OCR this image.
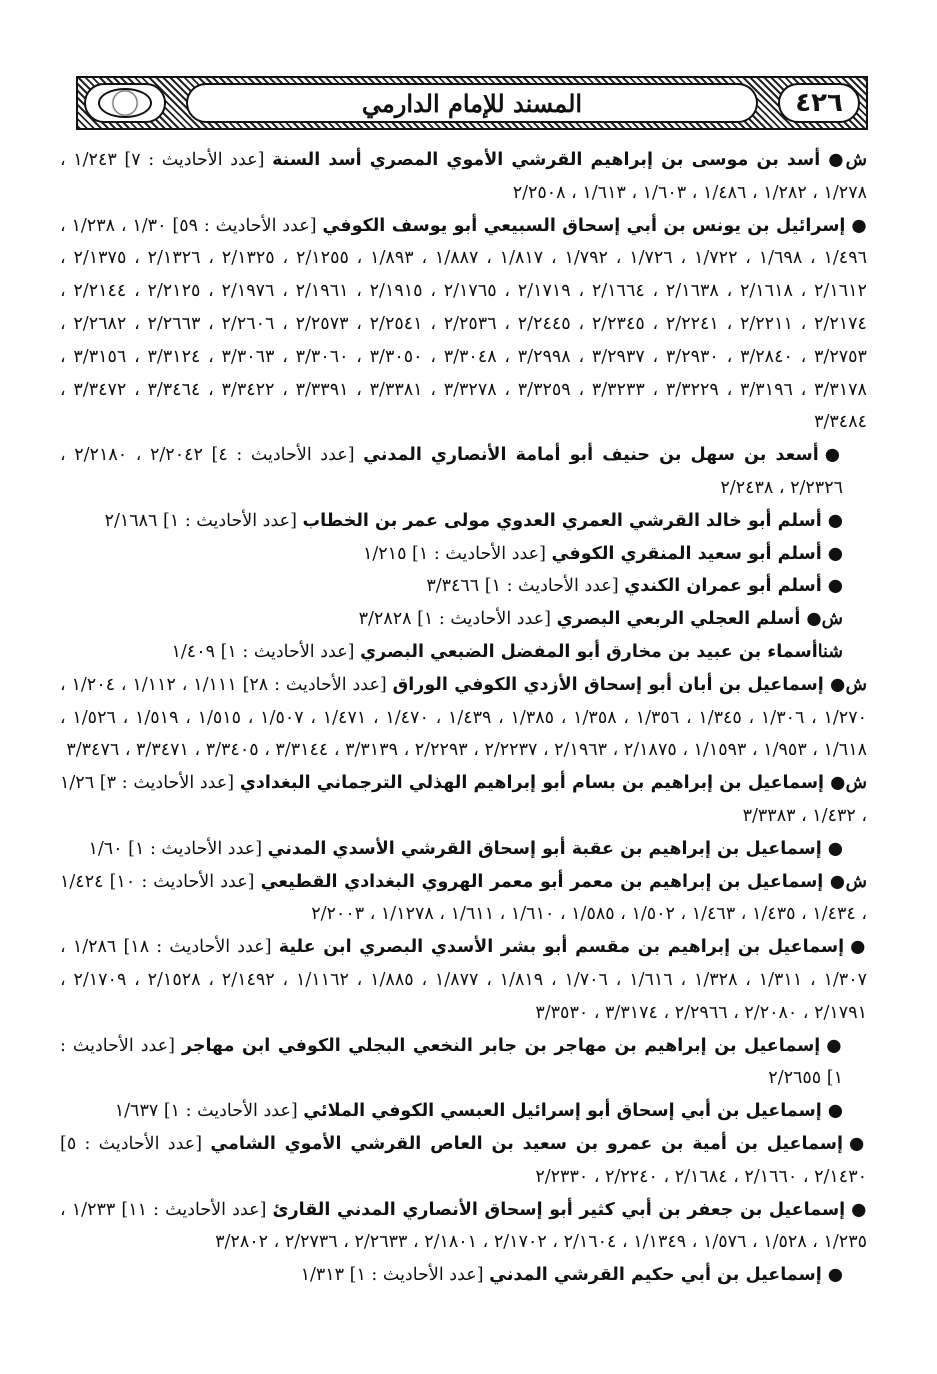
٤٢٦
المسند للإمام الدارمي
ش●أسد بن موسى بن إبراهيم القرشي الأموي المصري أسد السنة [عدد الأحاديث : ٧] ١/٢٤٣ ، ١/٢٧٨ ، ١/٢٨٢ ، ١/٤٨٦ ، ١/٦٠٣ ، ١/٦١٣ ، ٢/٢٥٠٨
●إسرائيل بن يونس بن أبي إسحاق السبيعي أبو يوسف الكوفي [عدد الأحاديث : ٥٩] ١/٣٠ ، ١/٢٣٨ ، ١/٤٩٦ ، ١/٦٩٨ ، ١/٧٢٢ ، ١/٧٢٦ ، ١/٧٩٢ ، ١/٨١٧ ، ١/٨٨٧ ، ١/٨٩٣ ، ٢/١٢٥٥ ، ٢/١٣٢٥ ، ٢/١٣٢٦ ، ٢/١٣٧٥ ، ٢/١٦١٢ ، ٢/١٦١٨ ، ٢/١٦٣٨ ، ٢/١٦٦٤ ، ٢/١٧١٩ ، ٢/١٧٦٥ ، ٢/١٩١٥ ، ٢/١٩٦١ ، ٢/١٩٧٦ ، ٢/٢١٢٥ ، ٢/٢١٤٤ ، ٢/٢١٧٤ ، ٢/٢٢١١ ، ٢/٢٢٤١ ، ٢/٢٣٤٥ ، ٢/٢٤٤٥ ، ٢/٢٥٣٦ ، ٢/٢٥٤١ ، ٢/٢٥٧٣ ، ٢/٢٦٠٦ ، ٢/٢٦٦٣ ، ٢/٢٦٨٢ ، ٣/٢٧٥٣ ، ٣/٢٨٤٠ ، ٣/٢٩٣٠ ، ٣/٢٩٣٧ ، ٣/٢٩٩٨ ، ٣/٣٠٤٨ ، ٣/٣٠٥٠ ، ٣/٣٠٦٠ ، ٣/٣٠٦٣ ، ٣/٣١٢٤ ، ٣/٣١٥٦ ، ٣/٣١٧٨ ، ٣/٣١٩٦ ، ٣/٣٢٢٩ ، ٣/٣٢٣٣ ، ٣/٣٢٥٩ ، ٣/٣٢٧٨ ، ٣/٣٣٨١ ، ٣/٣٣٩١ ، ٣/٣٤٢٢ ، ٣/٣٤٦٤ ، ٣/٣٤٧٢ ، ٣/٣٤٨٤
●أسعد بن سهل بن حنيف أبو أمامة الأنصاري المدني [عدد الأحاديث : ٤] ٢/٢٠٤٢ ، ٢/٢١٨٠ ، ٢/٢٣٢٦ ، ٢/٢٤٣٨
●أسلم أبو خالد القرشي العمري العدوي مولى عمر بن الخطاب [عدد الأحاديث : ١] ٢/١٦٨٦
●أسلم أبو سعيد المنقري الكوفي [عدد الأحاديث : ١] ١/٢١٥
●أسلم أبو عمران الكندي [عدد الأحاديث : ١] ٣/٣٤٦٦
ش●أسلم العجلي الربعي البصري [عدد الأحاديث : ١] ٣/٢٨٢٨
شناأسماء بن عبيد بن مخارق أبو المفضل الضبعي البصري [عدد الأحاديث : ١] ١/٤٠٩
ش●إسماعيل بن أبان أبو إسحاق الأزدي الكوفي الوراق [عدد الأحاديث : ٢٨] ١/١١١ ، ١/١١٢ ، ١/٢٠٤ ، ١/٢٧٠ ، ١/٣٠٦ ، ١/٣٤٥ ، ١/٣٥٦ ، ١/٣٥٨ ، ١/٣٨٥ ، ١/٤٣٩ ، ١/٤٧٠ ، ١/٤٧١ ، ١/٥٠٧ ، ١/٥١٥ ، ١/٥١٩ ، ١/٥٢٦ ، ١/٦١٨ ، ١/٩٥٣ ، ١/١٥٩٣ ، ٢/١٨٧٥ ، ٢/١٩٦٣ ، ٢/٢٢٣٧ ، ٢/٢٢٩٣ ، ٣/٣١٣٩ ، ٣/٣١٤٤ ، ٣/٣٤٠٥ ، ٣/٣٤٧١ ، ٣/٣٤٧٦
ش●إسماعيل بن إبراهيم بن بسام أبو إبراهيم الهذلي الترجماني البغدادي [عدد الأحاديث : ٣] ١/٢٦ ، ١/٤٣٢ ، ٣/٣٣٨٣
●إسماعيل بن إبراهيم بن عقبة أبو إسحاق القرشي الأسدي المدني [عدد الأحاديث : ١] ١/٦٠
ش●إسماعيل بن إبراهيم بن معمر أبو معمر الهروي البغدادي القطيعي [عدد الأحاديث : ١٠] ١/٤٢٤ ، ١/٤٣٤ ، ١/٤٣٥ ، ١/٤٦٣ ، ١/٥٠٢ ، ١/٥٨٥ ، ١/٦١٠ ، ١/٦١١ ، ١/١٢٧٨ ، ٢/٢٠٠٣
●إسماعيل بن إبراهيم بن مقسم أبو بشر الأسدي البصري ابن علية [عدد الأحاديث : ١٨] ١/٢٨٦ ، ١/٣٠٧ ، ١/٣١١ ، ١/٣٢٨ ، ١/٦١٦ ، ١/٧٠٦ ، ١/٨١٩ ، ١/٨٧٧ ، ١/٨٨٥ ، ١/١١٦٢ ، ٢/١٤٩٢ ، ٢/١٥٢٨ ، ٢/١٧٠٩ ، ٢/١٧٩١ ، ٢/٢٠٨٠ ، ٢/٢٩٦٦ ، ٣/٣١٧٤ ، ٣/٣٥٣٠
●إسماعيل بن إبراهيم بن مهاجر بن جابر النخعي البجلي الكوفي ابن مهاجر [عدد الأحاديث : ١] ٢/٢٦٥٥
●إسماعيل بن أبي إسحاق أبو إسرائيل العبسي الكوفي الملائي [عدد الأحاديث : ١] ١/٦٣٧
●إسماعيل بن أمية بن عمرو بن سعيد بن العاص القرشي الأموي الشامي [عدد الأحاديث : ٥] ٢/١٤٣٠ ، ٢/١٦٦٠ ، ٢/١٦٨٤ ، ٢/٢٢٤٠ ، ٢/٢٣٣٠
●إسماعيل بن جعفر بن أبي كثير أبو إسحاق الأنصاري المدني القارئ [عدد الأحاديث : ١١] ١/٢٣٣ ، ١/٢٣٥ ، ١/٥٢٨ ، ١/٥٧٦ ، ١/١٣٤٩ ، ٢/١٦٠٤ ، ٢/١٧٠٢ ، ٢/١٨٠١ ، ٢/٢٦٣٣ ، ٢/٢٧٣٦ ، ٣/٢٨٠٢
●إسماعيل بن أبي حكيم القرشي المدني [عدد الأحاديث : ١] ١/٣١٣
